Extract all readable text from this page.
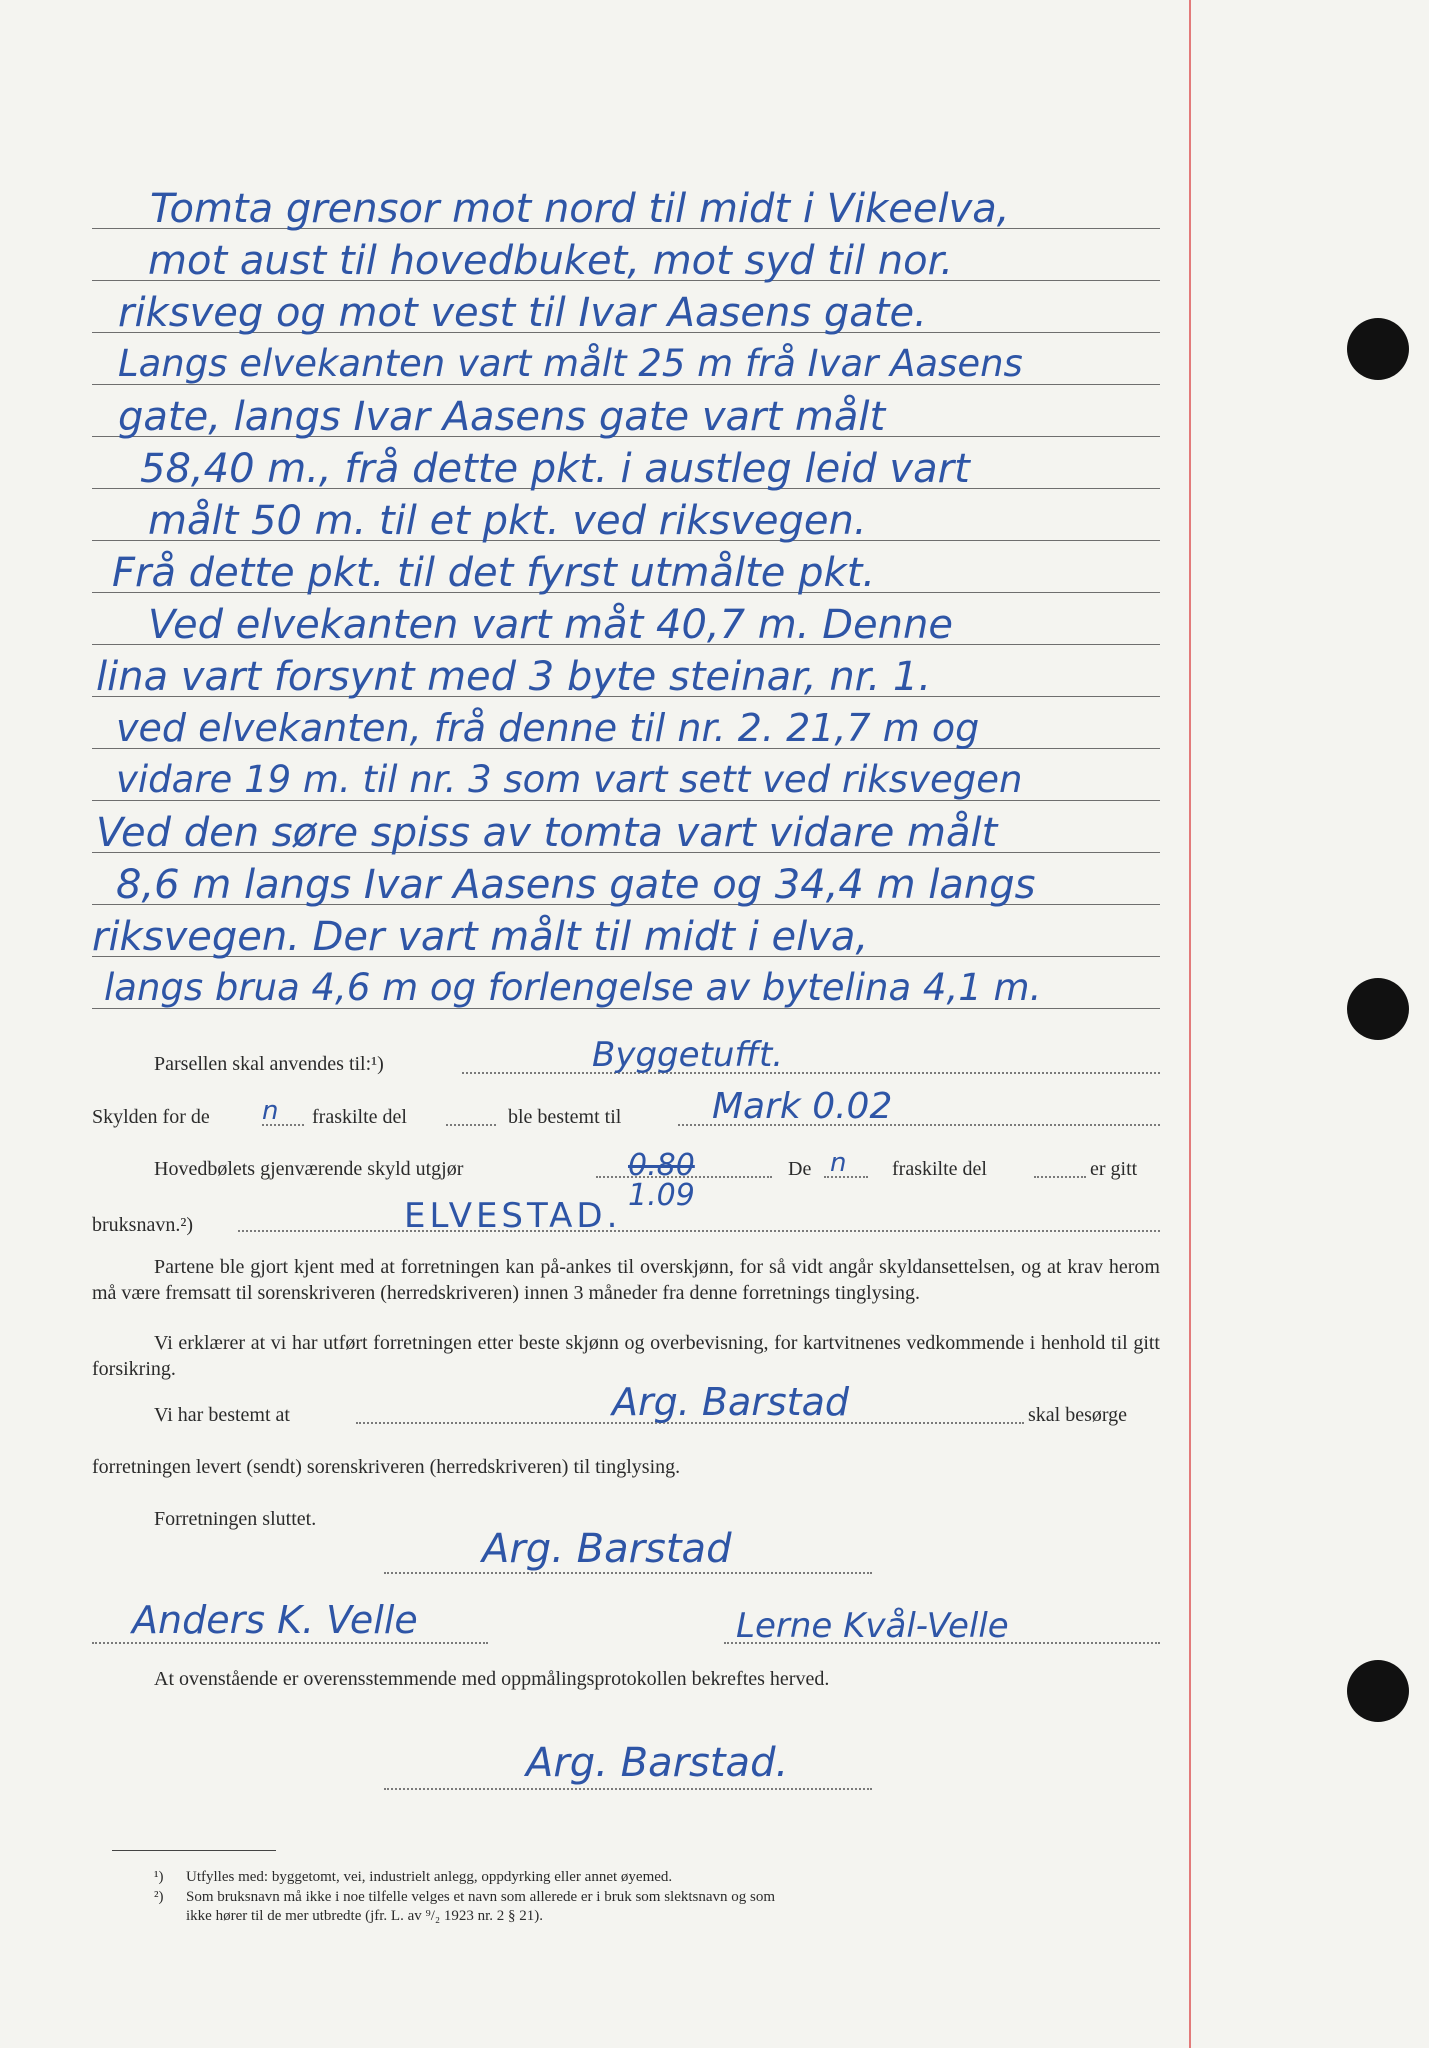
Tomta grensor mot nord til midt i Vikeelva,
mot aust til hovedbuket, mot syd til nor.
riksveg og mot vest til Ivar Aasens gate.
Langs elvekanten vart målt 25 m frå Ivar Aasens
gate, langs Ivar Aasens gate vart målt
58,40 m., frå dette pkt. i austleg leid vart
målt 50 m. til et pkt. ved riksvegen.
Frå dette pkt. til det fyrst utmålte pkt.
Ved elvekanten vart måt 40,7 m. Denne
lina vart forsynt med 3 byte steinar, nr. 1.
ved elvekanten, frå denne til nr. 2. 21,7 m og
vidare 19 m. til nr. 3 som vart sett ved riksvegen
Ved den søre spiss av tomta vart vidare målt
8,6 m langs Ivar Aasens gate og 34,4 m langs
riksvegen. Der vart målt til midt i elva,
langs brua 4,6 m og forlengelse av bytelina 4,1 m.
Parsellen skal anvendes til:¹)	Byggetufft.
Skylden for de n fraskilte del	ble bestemt til	Mark 0.02
Hovedbølets gjenværende skyld utgjør	0.80
1.09
De n fraskilte del	er gitt
bruksnavn.²)	ELVESTAD.
Partene ble gjort kjent med at forretningen kan på-ankes til overskjønn, for så vidt angår skyldansettelsen, og at krav herom må være fremsatt til sorenskriveren (herredskriveren) innen 3 måneder fra denne forretnings tinglysing.
Vi erklærer at vi har utført forretningen etter beste skjønn og overbevisning, for kartvitnenes vedkommende i henhold til gitt forsikring.
Vi har bestemt at	Arg. Barstad	skal besørge
forretningen levert (sendt) sorenskriveren (herredskriveren) til tinglysing.
Forretningen sluttet.
Arg. Barstad
Anders K. Velle	Lerne Kvål-Velle
At ovenstående er overensstemmende med oppmålingsprotokollen bekreftes herved.
Arg. Barstad.
¹) Utfylles med: byggetomt, vei, industrielt anlegg, oppdyrking eller annet øyemed.
²) Som bruksnavn må ikke i noe tilfelle velges et navn som allerede er i bruk som slektsnavn og som
ikke hører til de mer utbredte (jfr. L. av ⁹/₂ 1923 nr. 2 § 21).
